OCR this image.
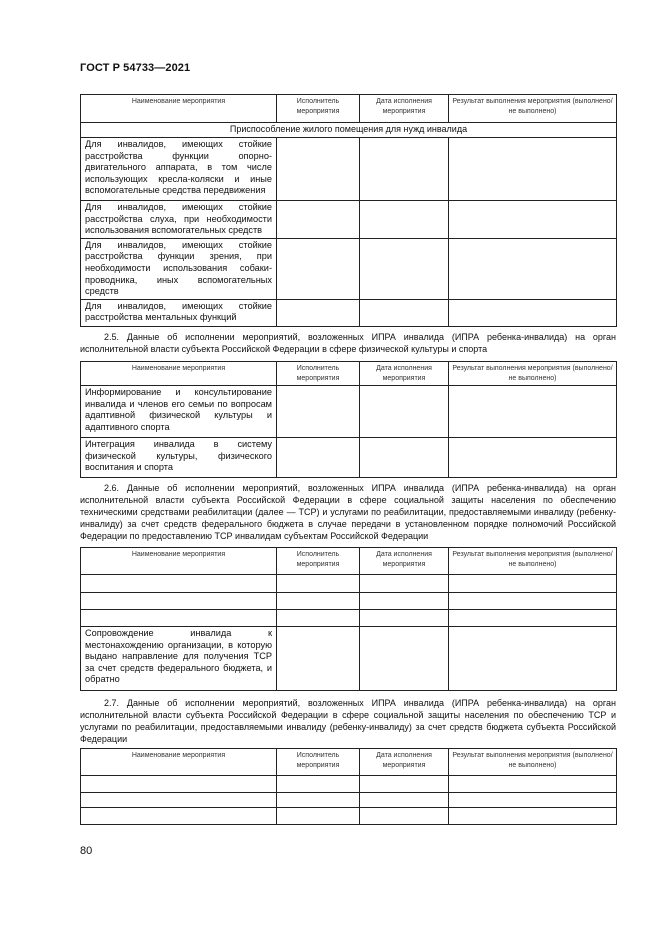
ГОСТ Р 54733—2021
Наименование мероприятия	Исполнитель мероприятия	Дата исполнения мероприятия	Результат выполнения мероприятия (выполнено/не выполнено)
Приспособление жилого помещения для нужд инвалида			
Для инвалидов, имеющих стойкие расстройства функции опорно-двигательного аппарата, в том числе использующих кресла-коляски и иные вспомогательные средства передвижения			
Для инвалидов, имеющих стойкие расстройства слуха, при необходимости использования вспомогательных средств			
Для инвалидов, имеющих стойкие расстройства функции зрения, при необходимости использования собаки-проводника, иных вспомогательных средств			
Для инвалидов, имеющих стойкие расстройства ментальных функций			
2.5. Данные об исполнении мероприятий, возложенных ИПРА инвалида (ИПРА ребенка-инвалида) на орган исполнительной власти субъекта Российской Федерации в сфере физической культуры и спорта
Наименование мероприятия	Исполнитель мероприятия	Дата исполнения мероприятия	Результат выполнения мероприятия (выполнено/не выполнено)
Информирование и консультирование инвалида и членов его семьи по вопросам адаптивной физической культуры и адаптивного спорта			
Интеграция инвалида в систему физической культуры, физического воспитания и спорта			
2.6. Данные об исполнении мероприятий, возложенных ИПРА инвалида (ИПРА ребенка-инвалида) на орган исполнительной власти субъекта Российской Федерации в сфере социальной защиты населения по обеспечению техническими средствами реабилитации (далее — ТСР) и услугами по реабилитации, предоставляемыми инвалиду (ребенку-инвалиду) за счет средств федерального бюджета в случае передачи в установленном порядке полномочий Российской Федерации по предоставлению ТСР инвалидам субъектам Российской Федерации
Наименование мероприятия	Исполнитель мероприятия	Дата исполнения мероприятия	Результат выполнения мероприятия (выполнено/не выполнено)

Сопровождение инвалида к местонахождению организации, в которую выдано направление для получения ТСР за счет средств федерального бюджета, и обратно			
2.7. Данные об исполнении мероприятий, возложенных ИПРА инвалида (ИПРА ребенка-инвалида) на орган исполнительной власти субъекта Российской Федерации в сфере социальной защиты населения по обеспечению ТСР и услугами по реабилитации, предоставляемыми инвалиду (ребенку-инвалиду) за счет средств бюджета субъекта Российской Федерации
Наименование мероприятия	Исполнитель мероприятия	Дата исполнения мероприятия	Результат выполнения мероприятия (выполнено/не выполнено)

80
